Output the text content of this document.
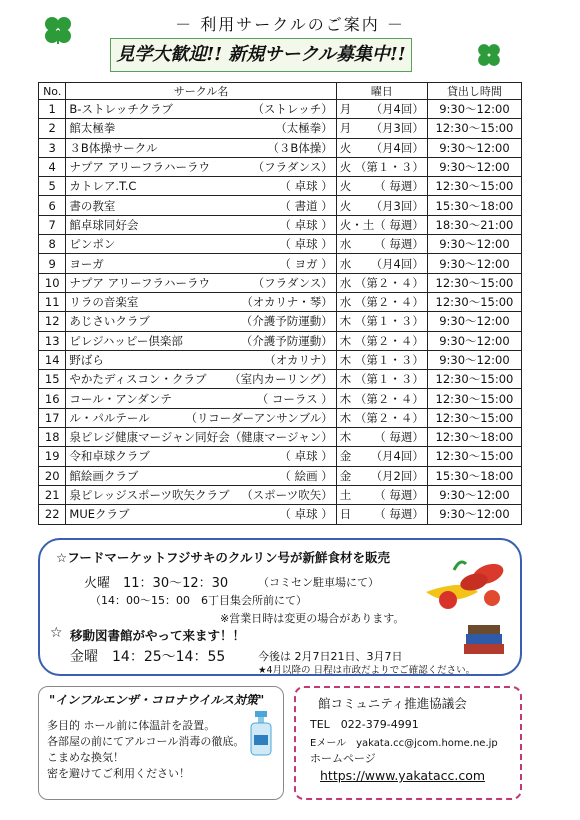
－ 利用サークルのご案内 －
見学大歓迎!! 新規サークル募集中!!
No.	サークル名	曜日	貸出し時間
1	B-ストレッチクラブ （ストレッチ）	月 （月4回）	9:30～12:00
2	館太極拳 （太極拳）	月 （月3回）	12:30～15:00
3	３B体操サークル （３B体操）	火 （月4回）	9:30～12:00
4	ナプア アリーフラハーラウ （フラダンス）	火 （第１・３）	9:30～12:00
5	カトレア.T.C （ 卓球 ）	火 （ 毎週）	12:30～15:00
6	書の教室 （ 書道 ）	火 （月3回）	15:30～18:00
7	館卓球同好会 （ 卓球 ）	火・土 （ 毎週）	18:30～21:00
8	ピンポン （ 卓球 ）	水 （ 毎週）	9:30～12:00
9	ヨーガ （ ヨガ ）	水 （月4回）	9:30～12:00
10	ナプア アリーフラハーラウ （フラダンス）	水 （第２・４）	12:30～15:00
11	リラの音楽室 （オカリナ・琴）	水 （第２・４）	12:30～15:00
12	あじさいクラブ （介護予防運動）	木 （第１・３）	9:30～12:00
13	ピレジハッピー倶楽部 （介護予防運動）	木 （第２・４）	9:30～12:00
14	野ばら （オカリナ）	木 （第１・３）	9:30～12:00
15	やかたディスコン・クラブ （室内カーリング）	木 （第１・３）	12:30～15:00
16	コール・アンダンテ （ コーラス ）	木 （第２・４）	12:30～15:00
17	ル・パルテール （リコーダーアンサンブル）	木 （第２・４）	12:30～15:00
18	泉ピレジ健康マージャン同好会 （健康マージャン）	木 （ 毎週）	12:30～18:00
19	令和卓球クラブ （ 卓球 ）	金 （月4回）	12:30～15:00
20	館絵画クラブ （ 絵画 ）	金 （月2回）	15:30～18:00
21	泉ピレッジスポーツ吹矢クラブ （スポーツ吹矢）	土 （ 毎週）	9:30～12:00
22	MUEクラブ （ 卓球 ）	日 （ 毎週）	9:30～12:00
☆フードマーケットフジサキのクルリン号が新鮮食材を販売
火曜　11：30～12：30	（コミセン駐車場にて）
（14：00～15：00　6丁目集会所前にて）
※営業日時は変更の場合があります。
☆ 移動図書館がやって来ます！！
金曜　14：25～14：55	今後は 2月7日21日、3月7日
★4月以降の 日程は市政だよりでご確認ください。
"インフルエンザ・コロナウイルス対策"
多目的 ホール前に体温計を設置。
各部屋の前にてアルコール消毒の徹底。
こまめな換気！
密を避けてご利用ください！
館コミュニティ推進協議会
TEL　022-379-4991
Eメール　yakata.cc@jcom.home.ne.jp
ホームページ
https://www.yakatacc.com
